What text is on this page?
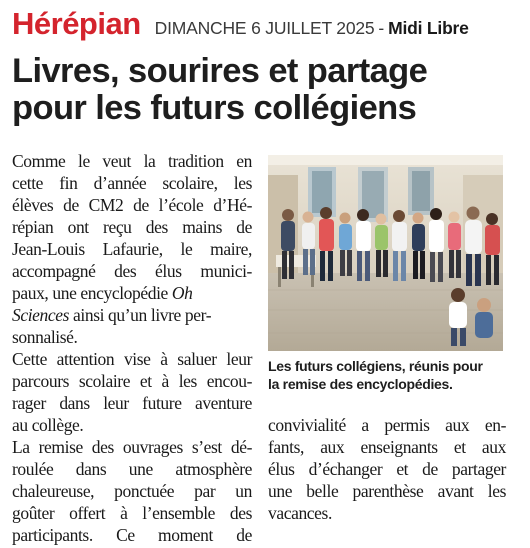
Hérépian DIMANCHE 6 JUILLET 2025 - Midi Libre
Livres, sourires et partage
pour les futurs collégiens

Comme le veut la tradition en
cette fin d’année scolaire, les
élèves de CM2 de l’école d’Hé-
répian ont reçu des mains de
Jean-Louis Lafaurie, le maire,
accompagné des élus munici-
paux, une encyclopédie Oh
Sciences ainsi qu’un livre per-
sonnalisé.

Cette attention vise à saluer leur
parcours scolaire et à les encou-
rager dans leur future aventure
au collège.

La remise des ouvrages s’est dé-
roulée dans une atmosphère
chaleureuse, ponctuée par un
goûter offert à l’ensemble des
participants. Ce moment de

Les futurs collégiens, réunis pour
la remise des encyclopédies.

convivialité a permis aux en-
fants, aux enseignants et aux
élus d’échanger et de partager
une belle parenthèse avant les
vacances.
